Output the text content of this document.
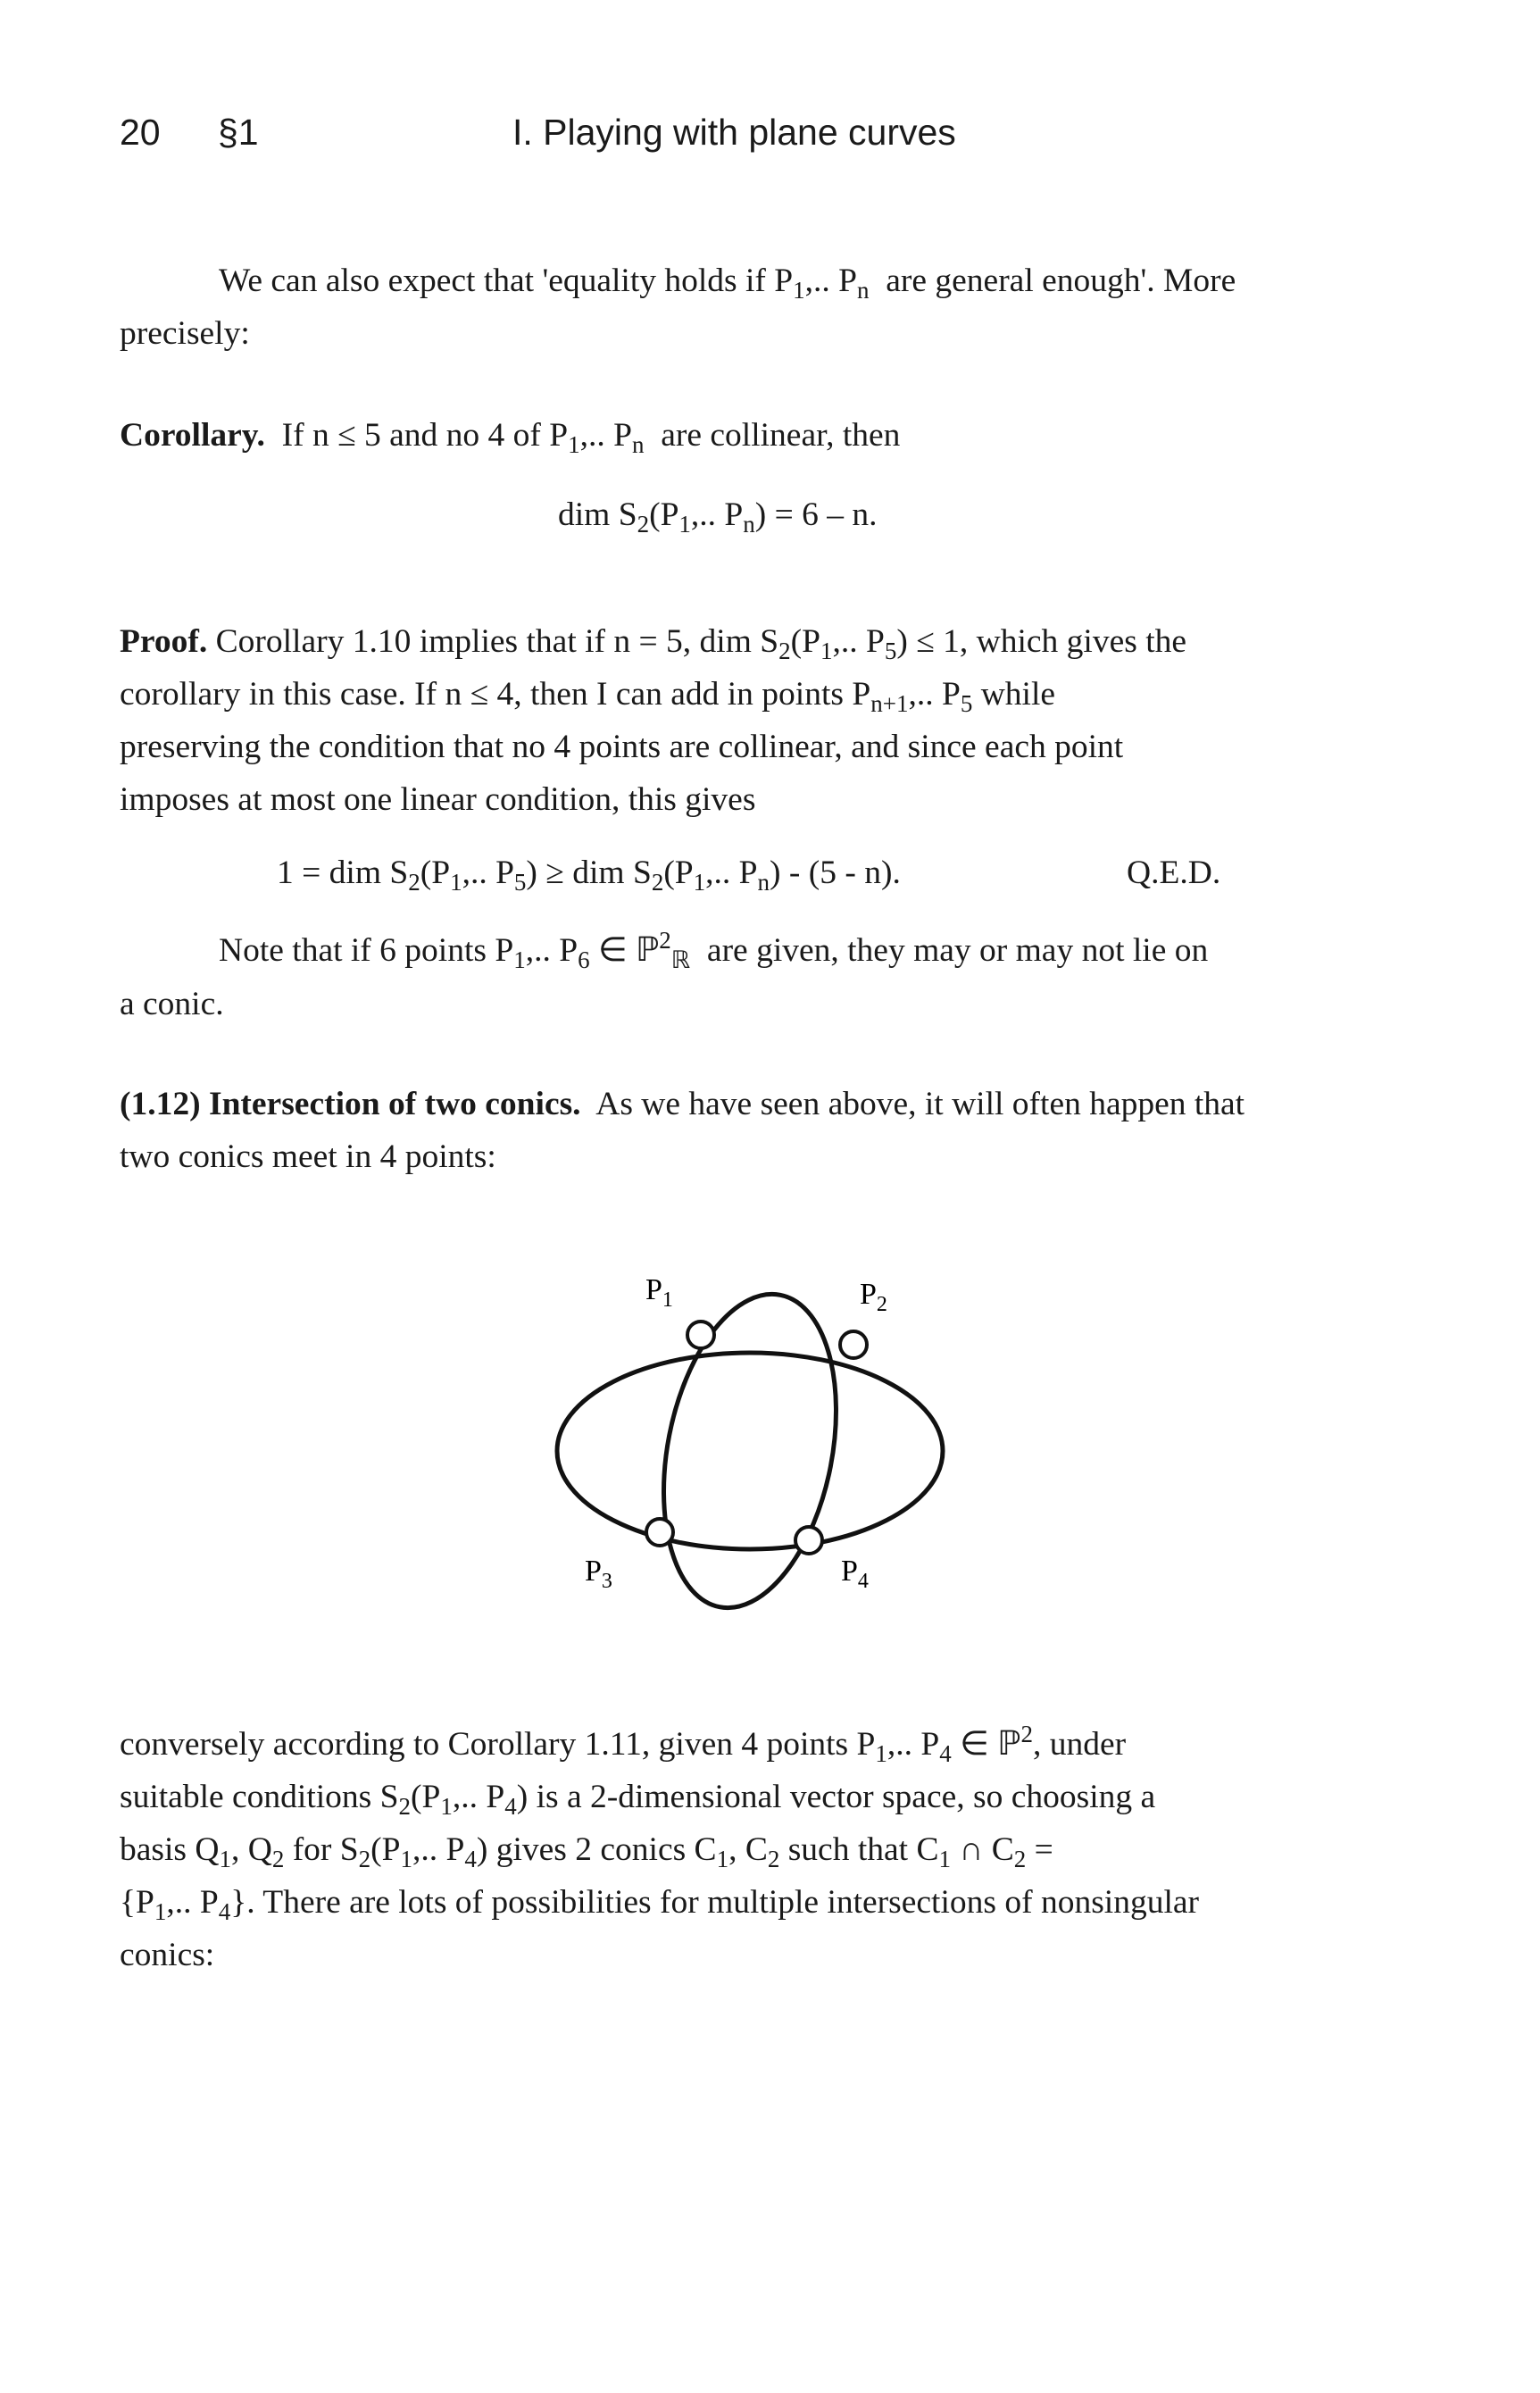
20 §1	I. Playing with plane curves
We can also expect that 'equality holds if $P_1$,.. $P_n$ are general enough'. More
precisely:
Corollary. If n ≤ 5 and no 4 of $P_1$,.. $P_n$ are collinear, then
dim $S_2(P_1$,.. $P_n) = 6 - n$.
Proof. Corollary 1.10 implies that if n = 5, dim $S_2(P_1$,.. $P_5) \le 1$, which gives the
corollary in this case. If n ≤ 4, then I can add in points $P_{n+1}$,.. $P_5$ while
preserving the condition that no 4 points are collinear, and since each point
imposes at most one linear condition, this gives
1 = dim $S_2(P_1$,.. $P_5$) ≥ dim $S_2(P_1$,.. $P_n) - (5 - n)$.	Q.E.D.
Note that if 6 points $P_1$,.. $P_6$ ∈ ℙ$^2_ℝ$ are given, they may or may not lie on
a conic.
(1.12) Intersection of two conics. As we have seen above, it will often happen that
two conics meet in 4 points:
$P_1$	$P_2$
$P_3$	$P_4$
conversely according to Corollary 1.11, given 4 points $P_1$,.. $P_4$ ∈ ℙ$^2$, under
suitable conditions $S_2(P_1$,.. $P_4$) is a 2-dimensional vector space, so choosing a
basis $Q_1$, $Q_2$ for $S_2(P_1$,.. $P_4$) gives 2 conics $C_1$, $C_2$ such that $C_1$ ∩ $C_2$ =
{$P_1$,.. $P_4$}. There are lots of possibilities for multiple intersections of nonsingular
conics:
